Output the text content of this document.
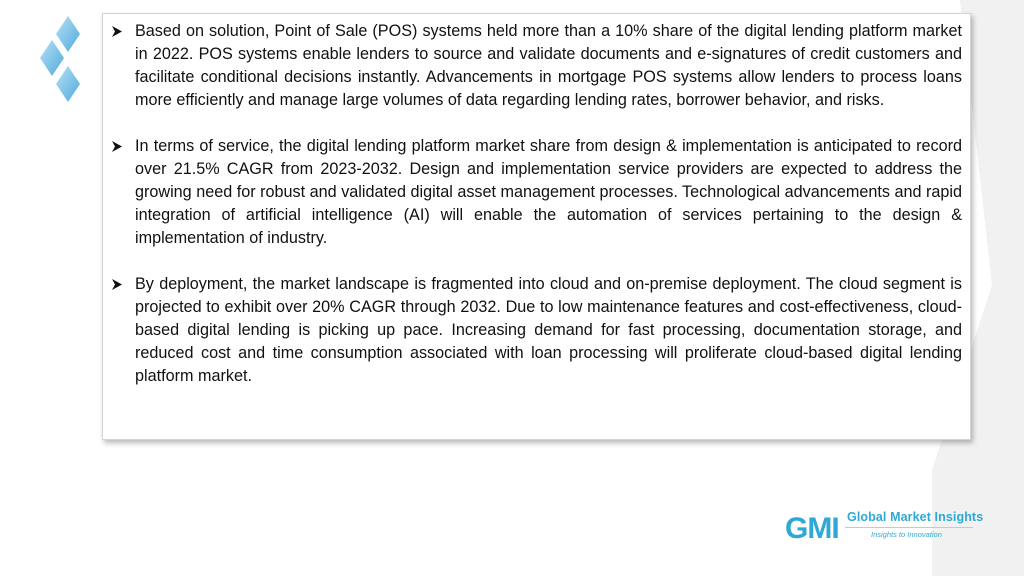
Based on solution, Point of Sale (POS) systems held more than a 10% share of the digital lending platform market in 2022. POS systems enable lenders to source and validate documents and e-signatures of credit customers and facilitate conditional decisions instantly. Advancements in mortgage POS systems allow lenders to process loans more efficiently and manage large volumes of data regarding lending rates, borrower behavior, and risks.
In terms of service, the digital lending platform market share from design & implementation is anticipated to record over 21.5% CAGR from 2023-2032. Design and implementation service providers are expected to address the growing need for robust and validated digital asset management processes. Technological advancements and rapid integration of artificial intelligence (AI) will enable the automation of services pertaining to the design & implementation of industry.
By deployment, the market landscape is fragmented into cloud and on-premise deployment. The cloud segment is projected to exhibit over 20% CAGR through 2032. Due to low maintenance features and cost-effectiveness, cloud-based digital lending is picking up pace. Increasing demand for fast processing, documentation storage, and reduced cost and time consumption associated with loan processing will proliferate cloud-based digital lending platform market.
GMI Global Market Insights
Insights to Innovation
